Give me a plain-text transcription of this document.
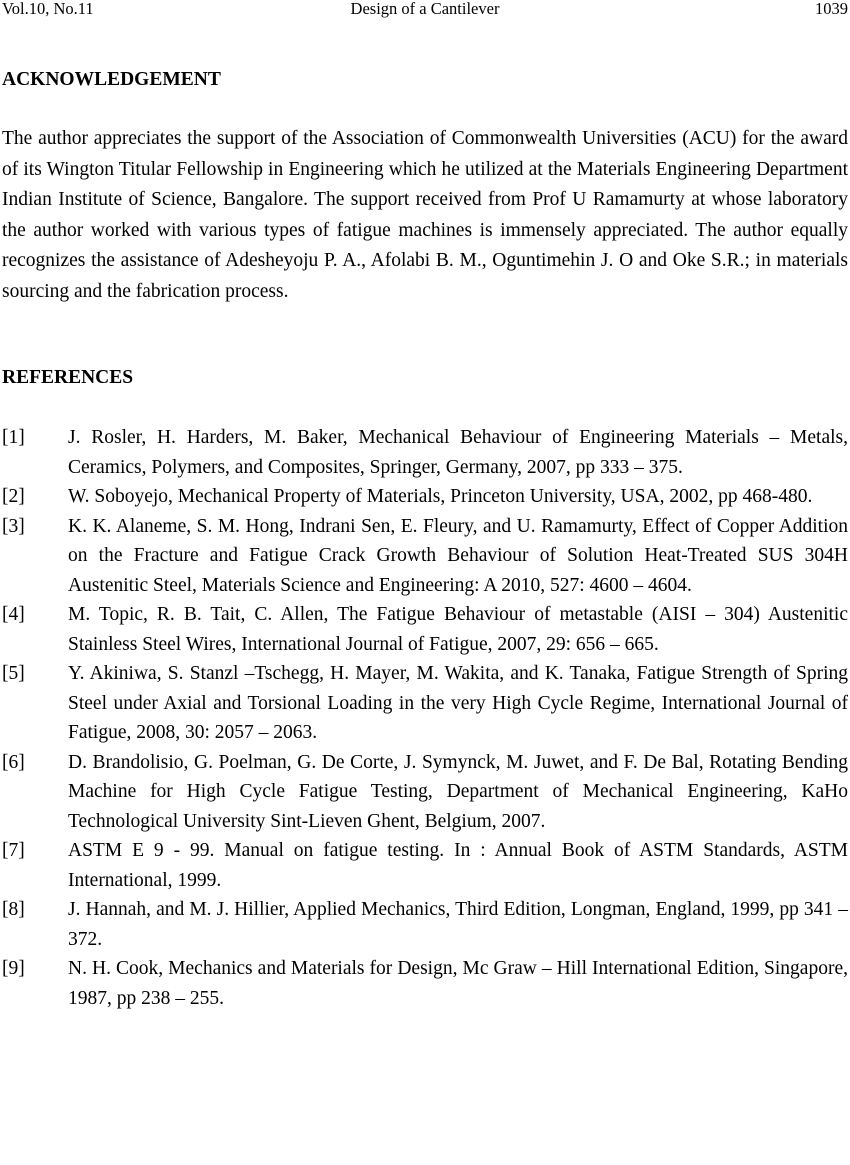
Vol.10, No.11	Design of a Cantilever	1039
ACKNOWLEDGEMENT

The author appreciates the support of the Association of Commonwealth Universities (ACU) for the award of its Wington Titular Fellowship in Engineering which he utilized at the Materials Engineering Department Indian Institute of Science, Bangalore. The support received from Prof U Ramamurty at whose laboratory the author worked with various types of fatigue machines is immensely appreciated. The author equally recognizes the assistance of Adesheyoju P. A., Afolabi B. M., Oguntimehin J. O and Oke S.R.; in materials sourcing and the fabrication process.

REFERENCES
[1] J. Rosler, H. Harders, M. Baker, Mechanical Behaviour of Engineering Materials – Metals, Ceramics, Polymers, and Composites, Springer, Germany, 2007, pp 333 – 375.
[2] W. Soboyejo, Mechanical Property of Materials, Princeton University, USA, 2002, pp 468-480.
[3] K. K. Alaneme, S. M. Hong, Indrani Sen, E. Fleury, and U. Ramamurty, Effect of Copper Addition on the Fracture and Fatigue Crack Growth Behaviour of Solution Heat-Treated SUS 304H Austenitic Steel, Materials Science and Engineering: A 2010, 527: 4600 – 4604.
[4] M. Topic, R. B. Tait, C. Allen, The Fatigue Behaviour of metastable (AISI – 304) Austenitic Stainless Steel Wires, International Journal of Fatigue, 2007, 29: 656 – 665.
[5] Y. Akiniwa, S. Stanzl –Tschegg, H. Mayer, M. Wakita, and K. Tanaka, Fatigue Strength of Spring Steel under Axial and Torsional Loading in the very High Cycle Regime, International Journal of Fatigue, 2008, 30: 2057 – 2063.
[6] D. Brandolisio, G. Poelman, G. De Corte, J. Symynck, M. Juwet, and F. De Bal, Rotating Bending Machine for High Cycle Fatigue Testing, Department of Mechanical Engineering, KaHo Technological University Sint-Lieven Ghent, Belgium, 2007.
[7] ASTM E 9 - 99. Manual on fatigue testing. In : Annual Book of ASTM Standards, ASTM International, 1999.
[8] J. Hannah, and M. J. Hillier, Applied Mechanics, Third Edition, Longman, England, 1999, pp 341 – 372.
[9] N. H. Cook, Mechanics and Materials for Design, Mc Graw – Hill International Edition, Singapore, 1987, pp 238 – 255.
